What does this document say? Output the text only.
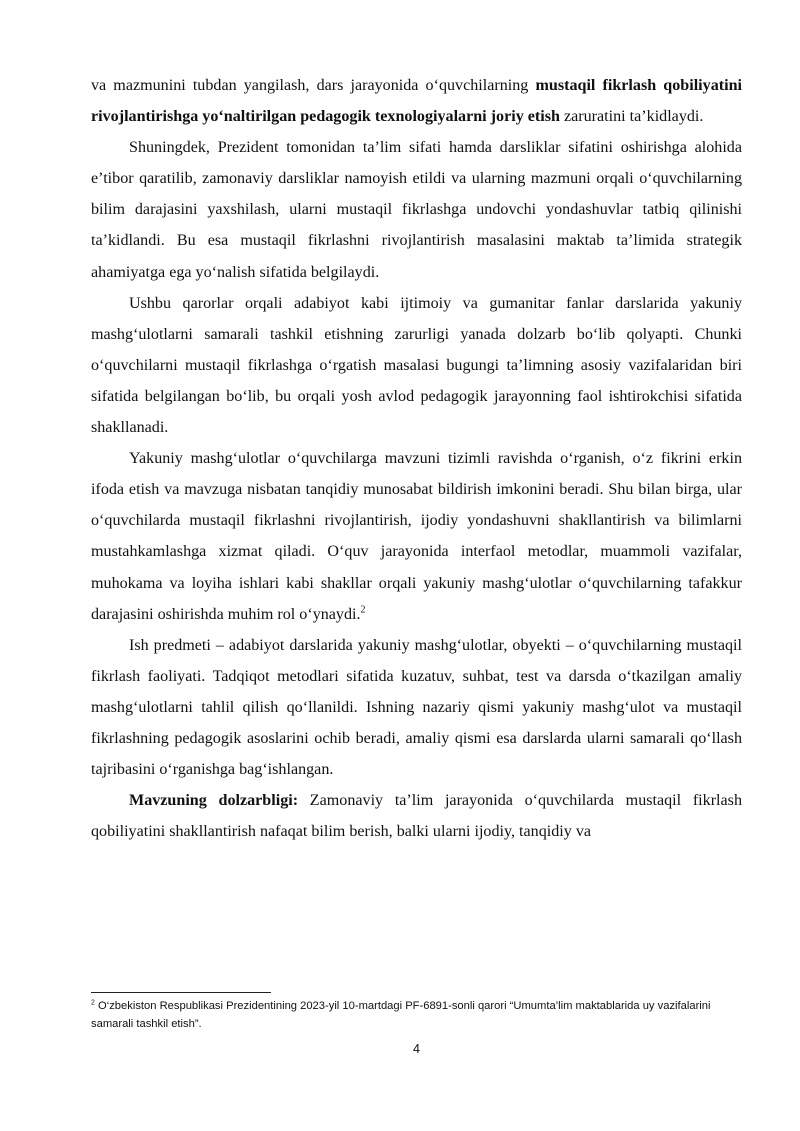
va mazmunini tubdan yangilash, dars jarayonida o‘quvchilarning mustaqil fikrlash qobiliyatini rivojlantirishga yo‘naltirilgan pedagogik texnologiyalarni joriy etish zaruratini ta’kidlaydi.

Shuningdek, Prezident tomonidan ta’lim sifati hamda darsliklar sifatini oshirishga alohida e’tibor qaratilib, zamonaviy darsliklar namoyish etildi va ularning mazmuni orqali o‘quvchilarning bilim darajasini yaxshilash, ularni mustaqil fikrlashga undovchi yondashuvlar tatbiq qilinishi ta’kidlandi. Bu esa mustaqil fikrlashni rivojlantirish masalasini maktab ta’limida strategik ahamiyatga ega yo‘nalish sifatida belgilaydi.

Ushbu qarorlar orqali adabiyot kabi ijtimoiy va gumanitar fanlar darslarida yakuniy mashg‘ulotlarni samarali tashkil etishning zarurligi yanada dolzarb bo‘lib qolyapti. Chunki o‘quvchilarni mustaqil fikrlashga o‘rgatish masalasi bugungi ta’limning asosiy vazifalaridan biri sifatida belgilangan bo‘lib, bu orqali yosh avlod pedagogik jarayonning faol ishtirokchisi sifatida shakllanadi.

Yakuniy mashg‘ulotlar o‘quvchilarga mavzuni tizimli ravishda o‘rganish, o‘z fikrini erkin ifoda etish va mavzuga nisbatan tanqidiy munosabat bildirish imkonini beradi. Shu bilan birga, ular o‘quvchilarda mustaqil fikrlashni rivojlantirish, ijodiy yondashuvni shakllantirish va bilimlarni mustahkamlashga xizmat qiladi. O‘quv jarayonida interfaol metodlar, muammoli vazifalar, muhokama va loyiha ishlari kabi shakllar orqali yakuniy mashg‘ulotlar o‘quvchilarning tafakkur darajasini oshirishda muhim rol o‘ynaydi.$^2$

Ish predmeti – adabiyot darslarida yakuniy mashg‘ulotlar, obyekti – o‘quvchilarning mustaqil fikrlash faoliyati. Tadqiqot metodlari sifatida kuzatuv, suhbat, test va darsda o‘tkazilgan amaliy mashg‘ulotlarni tahlil qilish qo‘llanildi. Ishning nazariy qismi yakuniy mashg‘ulot va mustaqil fikrlashning pedagogik asoslarini ochib beradi, amaliy qismi esa darslarda ularni samarali qo‘llash tajribasini o‘rganishga bag‘ishlangan.

Mavzuning dolzarbligi: Zamonaviy ta’lim jarayonida o‘quvchilarda mustaqil fikrlash qobiliyatini shakllantirish nafaqat bilim berish, balki ularni ijodiy, tanqidiy va

$^2$ O‘zbekiston Respublikasi Prezidentining 2023-yil 10-martdagi PF-6891-sonli qarori “Umumta’lim maktablarida uy vazifalarini samarali tashkil etish”.
4
